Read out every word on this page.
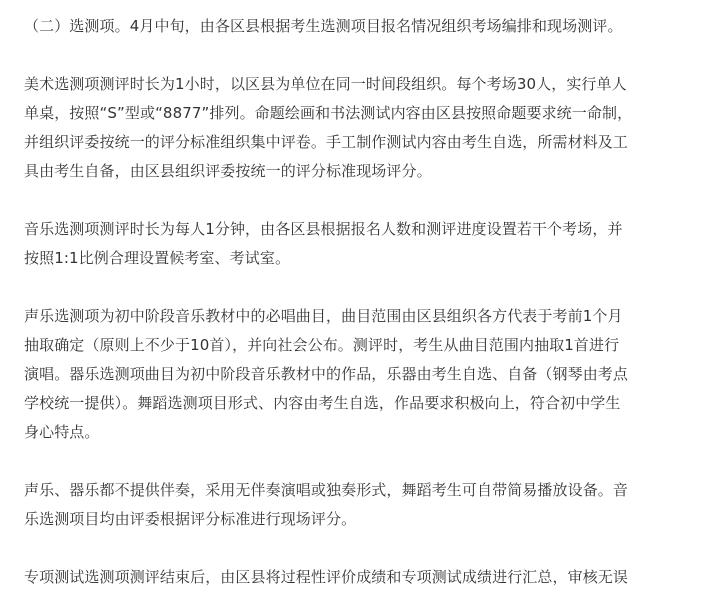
（二）选测项。4月中旬，由各区县根据考生选测项目报名情况组织考场编排和现场测评。

美术选测项测评时长为1小时，以区县为单位在同一时间段组织。每个考场30人，实行单人
单桌，按照“S”型或“8877”排列。命题绘画和书法测试内容由区县按照命题要求统一命制，
并组织评委按统一的评分标准组织集中评卷。手工制作测试内容由考生自选，所需材料及工
具由考生自备，由区县组织评委按统一的评分标准现场评分。

音乐选测项测评时长为每人1分钟，由各区县根据报名人数和测评进度设置若干个考场，并
按照1:1比例合理设置候考室、考试室。

声乐选测项为初中阶段音乐教材中的必唱曲目，曲目范围由区县组织各方代表于考前1个月
抽取确定（原则上不少于10首），并向社会公布。测评时，考生从曲目范围内抽取1首进行
演唱。器乐选测项曲目为初中阶段音乐教材中的作品，乐器由考生自选、自备（钢琴由考点
学校统一提供）。舞蹈选测项目形式、内容由考生自选，作品要求积极向上，符合初中学生
身心特点。

声乐、器乐都不提供伴奏，采用无伴奏演唱或独奏形式，舞蹈考生可自带简易播放设备。音
乐选测项目均由评委根据评分标准进行现场评分。

专项测试选测项测评结束后，由区县将过程性评价成绩和专项测试成绩进行汇总，审核无误
